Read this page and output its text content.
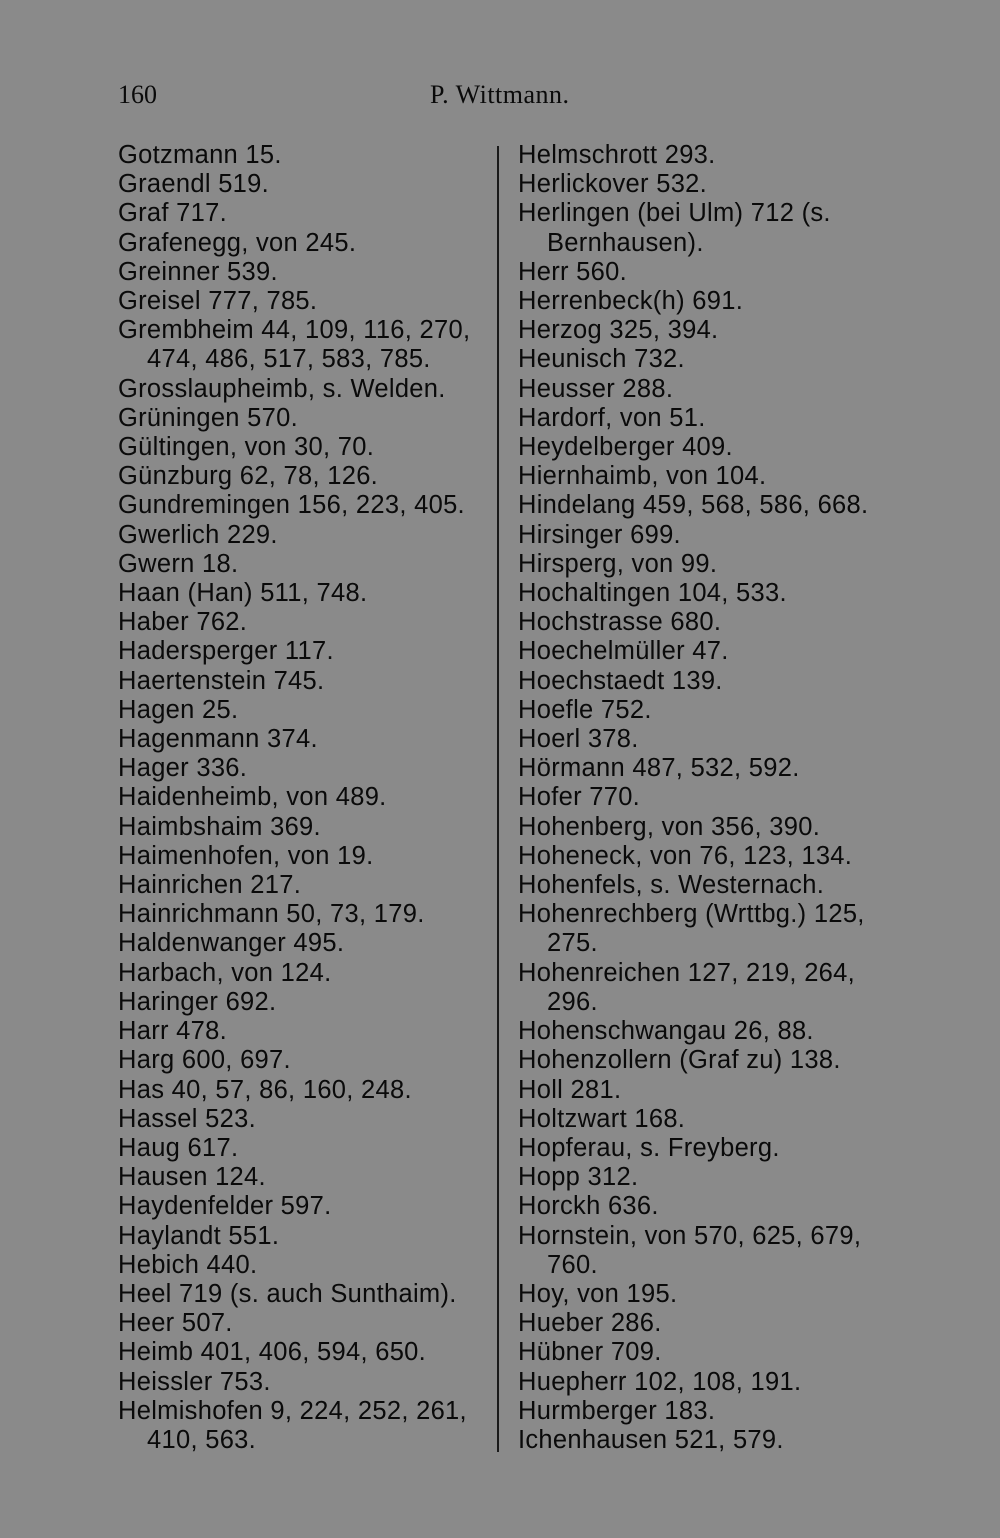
160	P. Wittmann.
Gotzmann 15.
Graendl 519.
Graf 717.
Grafenegg, von 245.
Greinner 539.
Greisel 777, 785.
Grembheim 44, 109, 116, 270,
474, 486, 517, 583, 785.
Grosslaupheimb, s. Welden.
Grüningen 570.
Gültingen, von 30, 70.
Günzburg 62, 78, 126.
Gundremingen 156, 223, 405.
Gwerlich 229.
Gwern 18.
Haan (Han) 511, 748.
Haber 762.
Hadersperger 117.
Haertenstein 745.
Hagen 25.
Hagenmann 374.
Hager 336.
Haidenheimb, von 489.
Haimbshaim 369.
Haimenhofen, von 19.
Hainrichen 217.
Hainrichmann 50, 73, 179.
Haldenwanger 495.
Harbach, von 124.
Haringer 692.
Harr 478.
Harg 600, 697.
Has 40, 57, 86, 160, 248.
Hassel 523.
Haug 617.
Hausen 124.
Haydenfelder 597.
Haylandt 551.
Hebich 440.
Heel 719 (s. auch Sunthaim).
Heer 507.
Heimb 401, 406, 594, 650.
Heissler 753.
Helmishofen 9, 224, 252, 261,
410, 563.
Helmschrott 293.
Herlickover 532.
Herlingen (bei Ulm) 712 (s.
Bernhausen).
Herr 560.
Herrenbeck(h) 691.
Herzog 325, 394.
Heunisch 732.
Heusser 288.
Hardorf, von 51.
Heydelberger 409.
Hiernhaimb, von 104.
Hindelang 459, 568, 586, 668.
Hirsinger 699.
Hirsperg, von 99.
Hochaltingen 104, 533.
Hochstrasse 680.
Hoechelmüller 47.
Hoechstaedt 139.
Hoefle 752.
Hoerl 378.
Hörmann 487, 532, 592.
Hofer 770.
Hohenberg, von 356, 390.
Hoheneck, von 76, 123, 134.
Hohenfels, s. Westernach.
Hohenrechberg (Wrttbg.) 125,
275.
Hohenreichen 127, 219, 264,
296.
Hohenschwangau 26, 88.
Hohenzollern (Graf zu) 138.
Holl 281.
Holtzwart 168.
Hopferau, s. Freyberg.
Hopp 312.
Horckh 636.
Hornstein, von 570, 625, 679,
760.
Hoy, von 195.
Hueber 286.
Hübner 709.
Huepherr 102, 108, 191.
Hurmberger 183.
Ichenhausen 521, 579.
